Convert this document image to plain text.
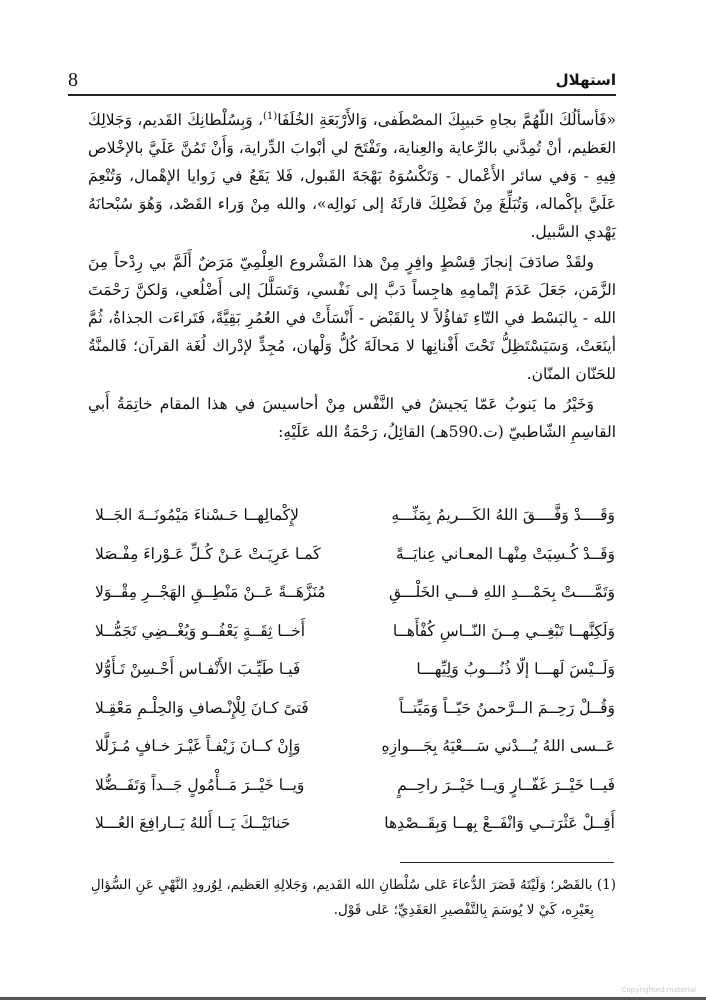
8	استهلال

«فَأسألُكَ اللّهُمَّ بجاهِ حَبيبِكَ المصْطَفى، وَالأَرْبَعَةِ الخُلَفَا$^{(1)}$، وَبِسُلْطانِكَ القَديم، وَجَلالِكَ العَظيم، أنْ تُمِدَّني بالرِّعاية والعِناية، وتَفْتَحَ لي أبْوابَ الدِّراية، وَأَنْ تَمُنَّ عَلَيَّ بالإخْلاص فِيهِ - وَفي سائر الأَعْمال - وَتَكْسُوَهُ بَهْجَةَ القَبول، فَلا يَقَعُ في زَوايا الإهْمال، وَتُنْعِمَ عَلَيَّ بإكْماله، وَتُبَلِّغَ مِنْ فَضْلِكَ قارئَهُ إلى نَوالِه»، والله مِنْ وَراء القَصْد، وَهُوَ سُبْحانَهُ يَهْدي السَّبيل.

ولقَدْ صادَفَ إنجازَ قِسْطٍ وافِرٍ مِنْ هذا المَشْروع العِلْمِيّ مَرَضٌ أَلَمَّ بي رِدْحاً مِنَ الزَّمَن، جَعَلَ عَدَمَ إتْمامِهِ هاجِساً دَبَّ إلى نَفْسي، وَتَسَلَّلَ إلى أَضْلُعي، وَلكنَّ رَحْمَتَ الله - بِالبَسْط في التّاءِ تَفاؤُلاً لا بِالقَبْض - أَنْسَأَتْ في العُمُرِ بَقِيَّةً، فَتَراءَت الجذاةُ، ثُمَّ أينَعَتْ، وَسَيَسْتَظِلُّ تَحْتَ أَفْنانِها لا مَحالَةَ كُلُّ وَلْهان، مُجِدٍّ لإدْراك لُغَة القرآن؛ فَالمنَّةُ للحَنّان المنّان.

وَخَيْرُ ما يَنوبُ عَمّا يَجيشُ في النَّفْس مِنْ أحاسيسَ في هذا المقام خاتِمَةُ أَبي القاسِمِ الشّاطبيّ (ت.590هـ) القائِلُ، رَحْمَةُ الله عَلَيْهِ:

وَقَــــدْ وَفَّــــقَ اللهُ الكَـــريمُ بِمَنِّـــهِ
لإِكْمالِهــا حَـسْناءَ مَيْمُونَــةَ الجَــلا
وَقَــدْ كُـسِيَتْ مِنْهـا المعـاني عِنايَــةً
كَمـا عَرِيَـتْ عَـنْ كُـلِّ عَـوْراءَ مِفْـصَلا
وَتَمَّــــتْ بِحَمْـــدِ اللهِ فـــي الخَلْـــقِ
مُنَزَّهَــةً عَــنْ مَنْطِــقِ الهَجْــرِ مِقْــوَلا
وَلَكِنَّهــا تَبْغِــي مِــنَ النّــاسِ كُفْأَهــا
أَخــا ثِقَــةٍ يَعْفُــو وَيُغْــضِي تَجَمُّــلا
وَلَــيْسَ لَهـــا إلّا ذُنُـــوبُ وَلِيِّهـــا
فَيـا طَيِّـبَ الأَنْفـاس أَحْـسِنْ تَـأَوُّلا
وَقُــلْ رَحِــمَ الــرَّحمنُ حَيّــاً وَمَيِّتــاً
فَتىً كـانَ لِلْإِنْـصافِ وَالحِلْـمِ مَعْقِـلا
عَــسى اللهُ يُـــدْني سَـــعْيَهُ بِجَـــوازِهِ
وَإِنْ كــانَ زَيْفـاً غَيْـرَ خـافٍ مُـزَلَّلا
فَيــا خَيْــرَ غَفّــارٍ وَيــا خَيْــرَ راحِــمٍ
وَيــا خَيْــرَ مَــأْمُولٍ جَــداً وَتَفَــضُّلا
أَقِــلْ عَثْرَتــي وَانْفَــعْ بِهــا وَبِقَــصْدِها
حَنانَيْــكَ يَــا أَللهُ يَــارافِعَ العُـــلا

(1) بالقَصْر؛ وَلَيْتَهُ قَصَرَ الدُّعاءَ عَلى سُلْطانِ الله القَديم، وَجَلالِهِ العَظيم، لِوُرودِ النَّهْيِ عَنِ السُّؤالِ

بِغَيْرِه، كَيْ لا يُوسَمَ بِالتَّفْصيرِ العَقَدِيِّ؛ عَلى قَوْل.

Copyrighted material
